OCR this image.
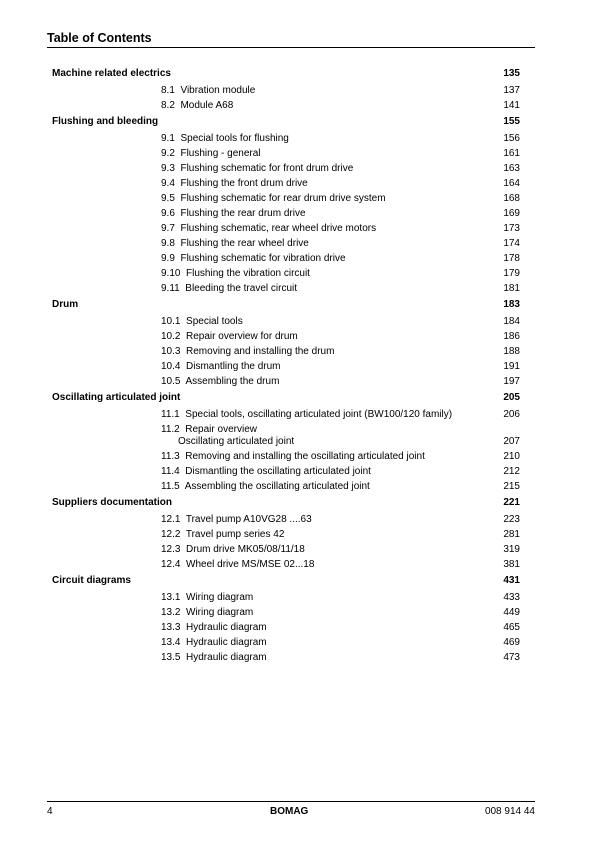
Table of Contents
Machine related electrics	135
8.1  Vibration module	137
8.2  Module A68	141
Flushing and bleeding	155
9.1  Special tools for flushing	156
9.2  Flushing - general	161
9.3  Flushing schematic for front drum drive	163
9.4  Flushing the front drum drive	164
9.5  Flushing schematic for rear drum drive system	168
9.6  Flushing the rear drum drive	169
9.7  Flushing schematic, rear wheel drive motors	173
9.8  Flushing the rear wheel drive	174
9.9  Flushing schematic for vibration drive	178
9.10  Flushing the vibration circuit	179
9.11  Bleeding the travel circuit	181
Drum	183
10.1  Special tools	184
10.2  Repair overview for drum	186
10.3  Removing and installing the drum	188
10.4  Dismantling the drum	191
10.5  Assembling the drum	197
Oscillating articulated joint	205
11.1  Special tools, oscillating articulated joint (BW100/120 family)	206
11.2  Repair overview
Oscillating articulated joint	207
11.3  Removing and installing the oscillating articulated joint	210
11.4  Dismantling the oscillating articulated joint	212
11.5  Assembling the oscillating articulated joint	215
Suppliers documentation	221
12.1  Travel pump A10VG28 ....63	223
12.2  Travel pump series 42	281
12.3  Drum drive MK05/08/11/18	319
12.4  Wheel drive MS/MSE 02...18	381
Circuit diagrams	431
13.1  Wiring diagram	433
13.2  Wiring diagram	449
13.3  Hydraulic diagram	465
13.4  Hydraulic diagram	469
13.5  Hydraulic diagram	473
4	BOMAG	008 914 44
